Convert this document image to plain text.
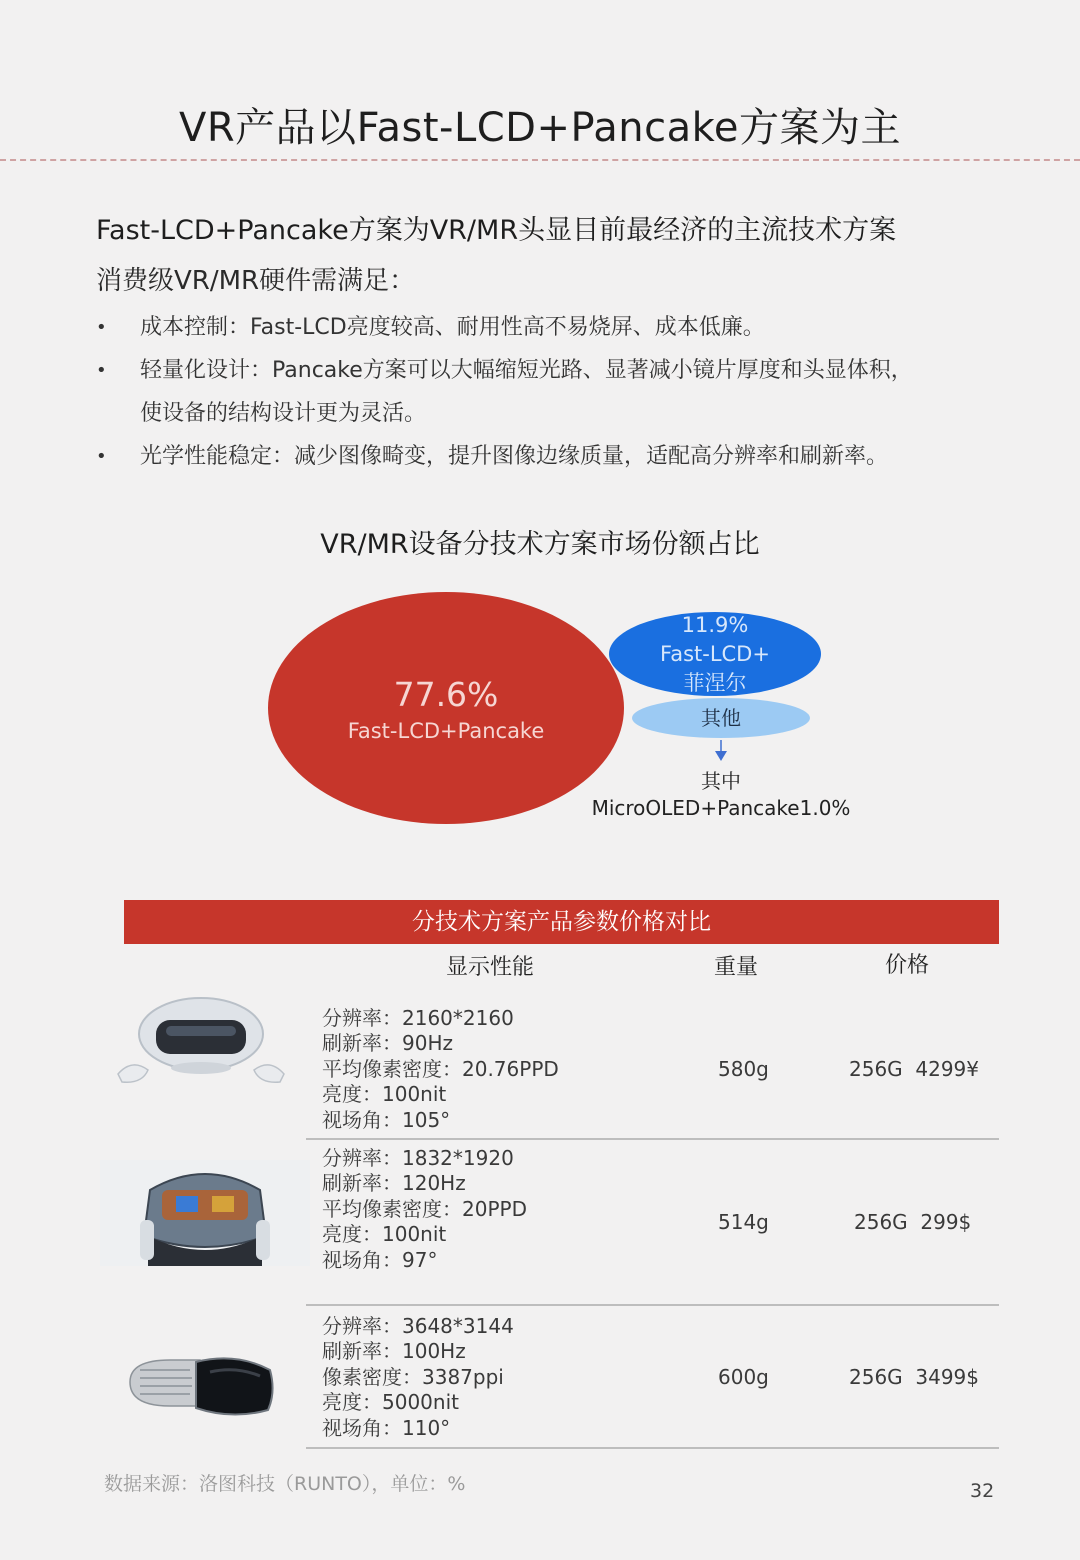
VR产品以Fast-LCD+Pancake方案为主
Fast-LCD+Pancake方案为VR/MR头显目前最经济的主流技术方案
消费级VR/MR硬件需满足：
• 成本控制：Fast-LCD亮度较高、耐用性高不易烧屏、成本低廉。
• 轻量化设计：Pancake方案可以大幅缩短光路、显著减小镜片厚度和头显体积，
使设备的结构设计更为灵活。
• 光学性能稳定：减少图像畸变，提升图像边缘质量，适配高分辨率和刷新率。
VR/MR设备分技术方案市场份额占比
77.6%
Fast-LCD+Pancake
11.9%
Fast-LCD+
菲涅尔
其他
其中
MicroOLED+Pancake1.0%
分技术方案产品参数价格对比
显示性能	重量	价格
分辨率：2160*2160
刷新率：90Hz
平均像素密度：20.76PPD
亮度：100nit
视场角：105°
580g	256G  4299¥
分辨率：1832*1920
刷新率：120Hz
平均像素密度：20PPD
亮度：100nit
视场角：97°
514g	256G  299$
分辨率：3648*3144
刷新率：100Hz
像素密度：3387ppi
亮度：5000nit
视场角：110°
600g	256G  3499$
数据来源：洛图科技（RUNTO），单位：%	32
